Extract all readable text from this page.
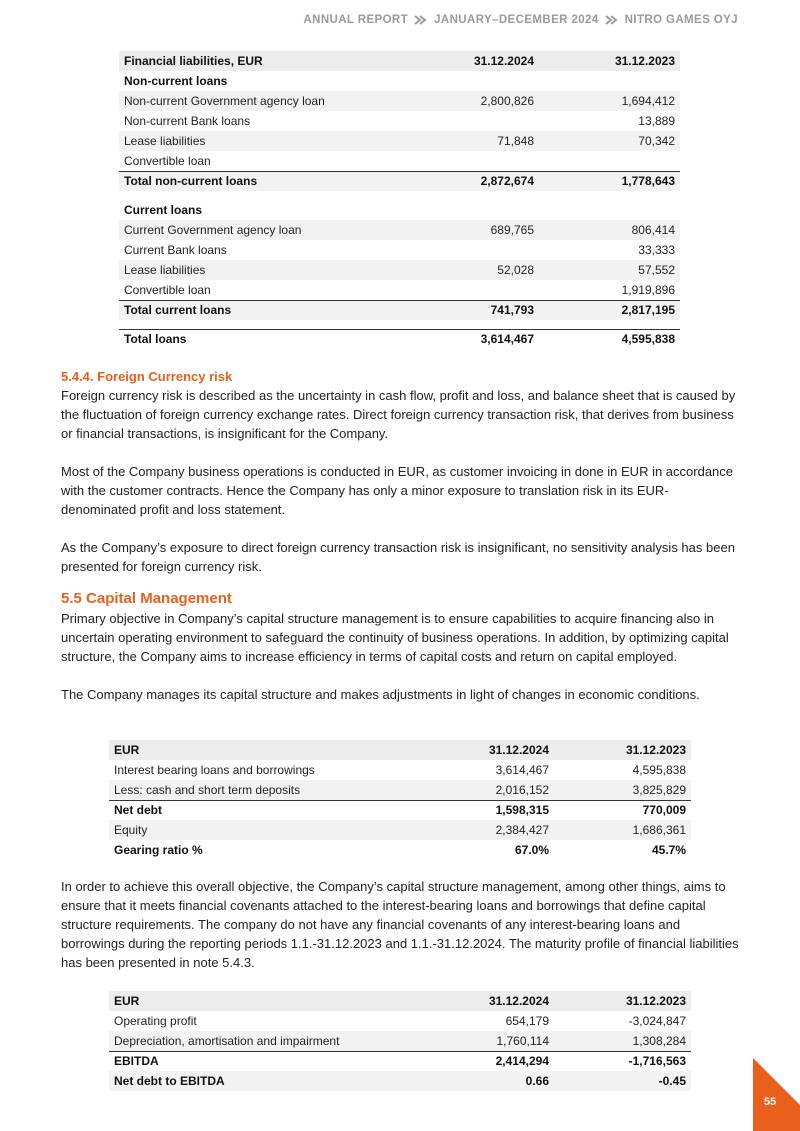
ANNUAL REPORT JANUARY–DECEMBER 2024 NITRO GAMES OYJ
Financial liabilities, EUR	31.12.2024	31.12.2023
Non-current loans		
Non-current Government agency loan	2,800,826	1,694,412
Non-current Bank loans		13,889
Lease liabilities	71,848	70,342
Convertible loan		
Total non-current loans	2,872,674	1,778,643

Current loans		
Current Government agency loan	689,765	806,414
Current Bank loans		33,333
Lease liabilities	52,028	57,552
Convertible loan		1,919,896
Total current loans	741,793	2,817,195

Total loans	3,614,467	4,595,838
5.4.4. Foreign Currency risk

Foreign currency risk is described as the uncertainty in cash flow, profit and loss, and balance sheet that is caused by the fluctuation of foreign currency exchange rates. Direct foreign currency transaction risk, that derives from business or financial transactions, is insignificant for the Company.

Most of the Company business operations is conducted in EUR, as customer invoicing in done in EUR in accordance with the customer contracts. Hence the Company has only a minor exposure to translation risk in its EUR-denominated profit and loss statement.

As the Company’s exposure to direct foreign currency transaction risk is insignificant, no sensitivity analysis has been presented for foreign currency risk.

5.5 Capital Management

Primary objective in Company’s capital structure management is to ensure capabilities to acquire financing also in uncertain operating environment to safeguard the continuity of business operations. In addition, by optimizing capital structure, the Company aims to increase efficiency in terms of capital costs and return on capital employed.

The Company manages its capital structure and makes adjustments in light of changes in economic conditions.

EUR	31.12.2024	31.12.2023
Interest bearing loans and borrowings	3,614,467	4,595,838
Less: cash and short term deposits	2,016,152	3,825,829
Net debt	1,598,315	770,009
Equity	2,384,427	1,686,361
Gearing ratio %	67.0%	45.7%

In order to achieve this overall objective, the Company’s capital structure management, among other things, aims to ensure that it meets financial covenants attached to the interest-bearing loans and borrowings that define capital structure requirements. The company do not have any financial covenants of any interest-bearing loans and borrowings during the reporting periods 1.1.-31.12.2023 and 1.1.-31.12.2024. The maturity profile of financial liabilities has been presented in note 5.4.3.

EUR	31.12.2024	31.12.2023
Operating profit	654,179	-3,024,847
Depreciation, amortisation and impairment	1,760,114	1,308,284
EBITDA	2,414,294	-1,716,563
Net debt to EBITDA	0.66	-0.45
55
